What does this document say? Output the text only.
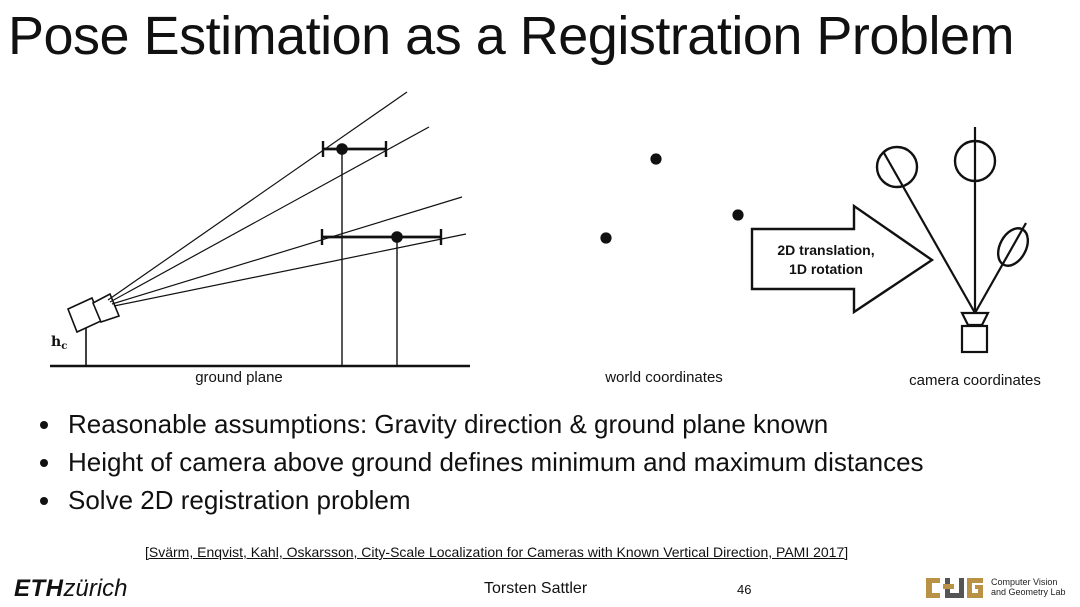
Pose Estimation as a Registration Problem
$h_c$
ground plane	world coordinates
2D translation,
1D rotation
camera coordinates
Reasonable assumptions: Gravity direction & ground plane known
Height of camera above ground defines minimum and maximum distances
Solve 2D registration problem
[Svärm, Enqvist, Kahl, Oskarsson, City-Scale Localization for Cameras with Known Vertical Direction, PAMI 2017]
ETHzürich	Torsten Sattler	46	Computer Vision
and Geometry Lab
